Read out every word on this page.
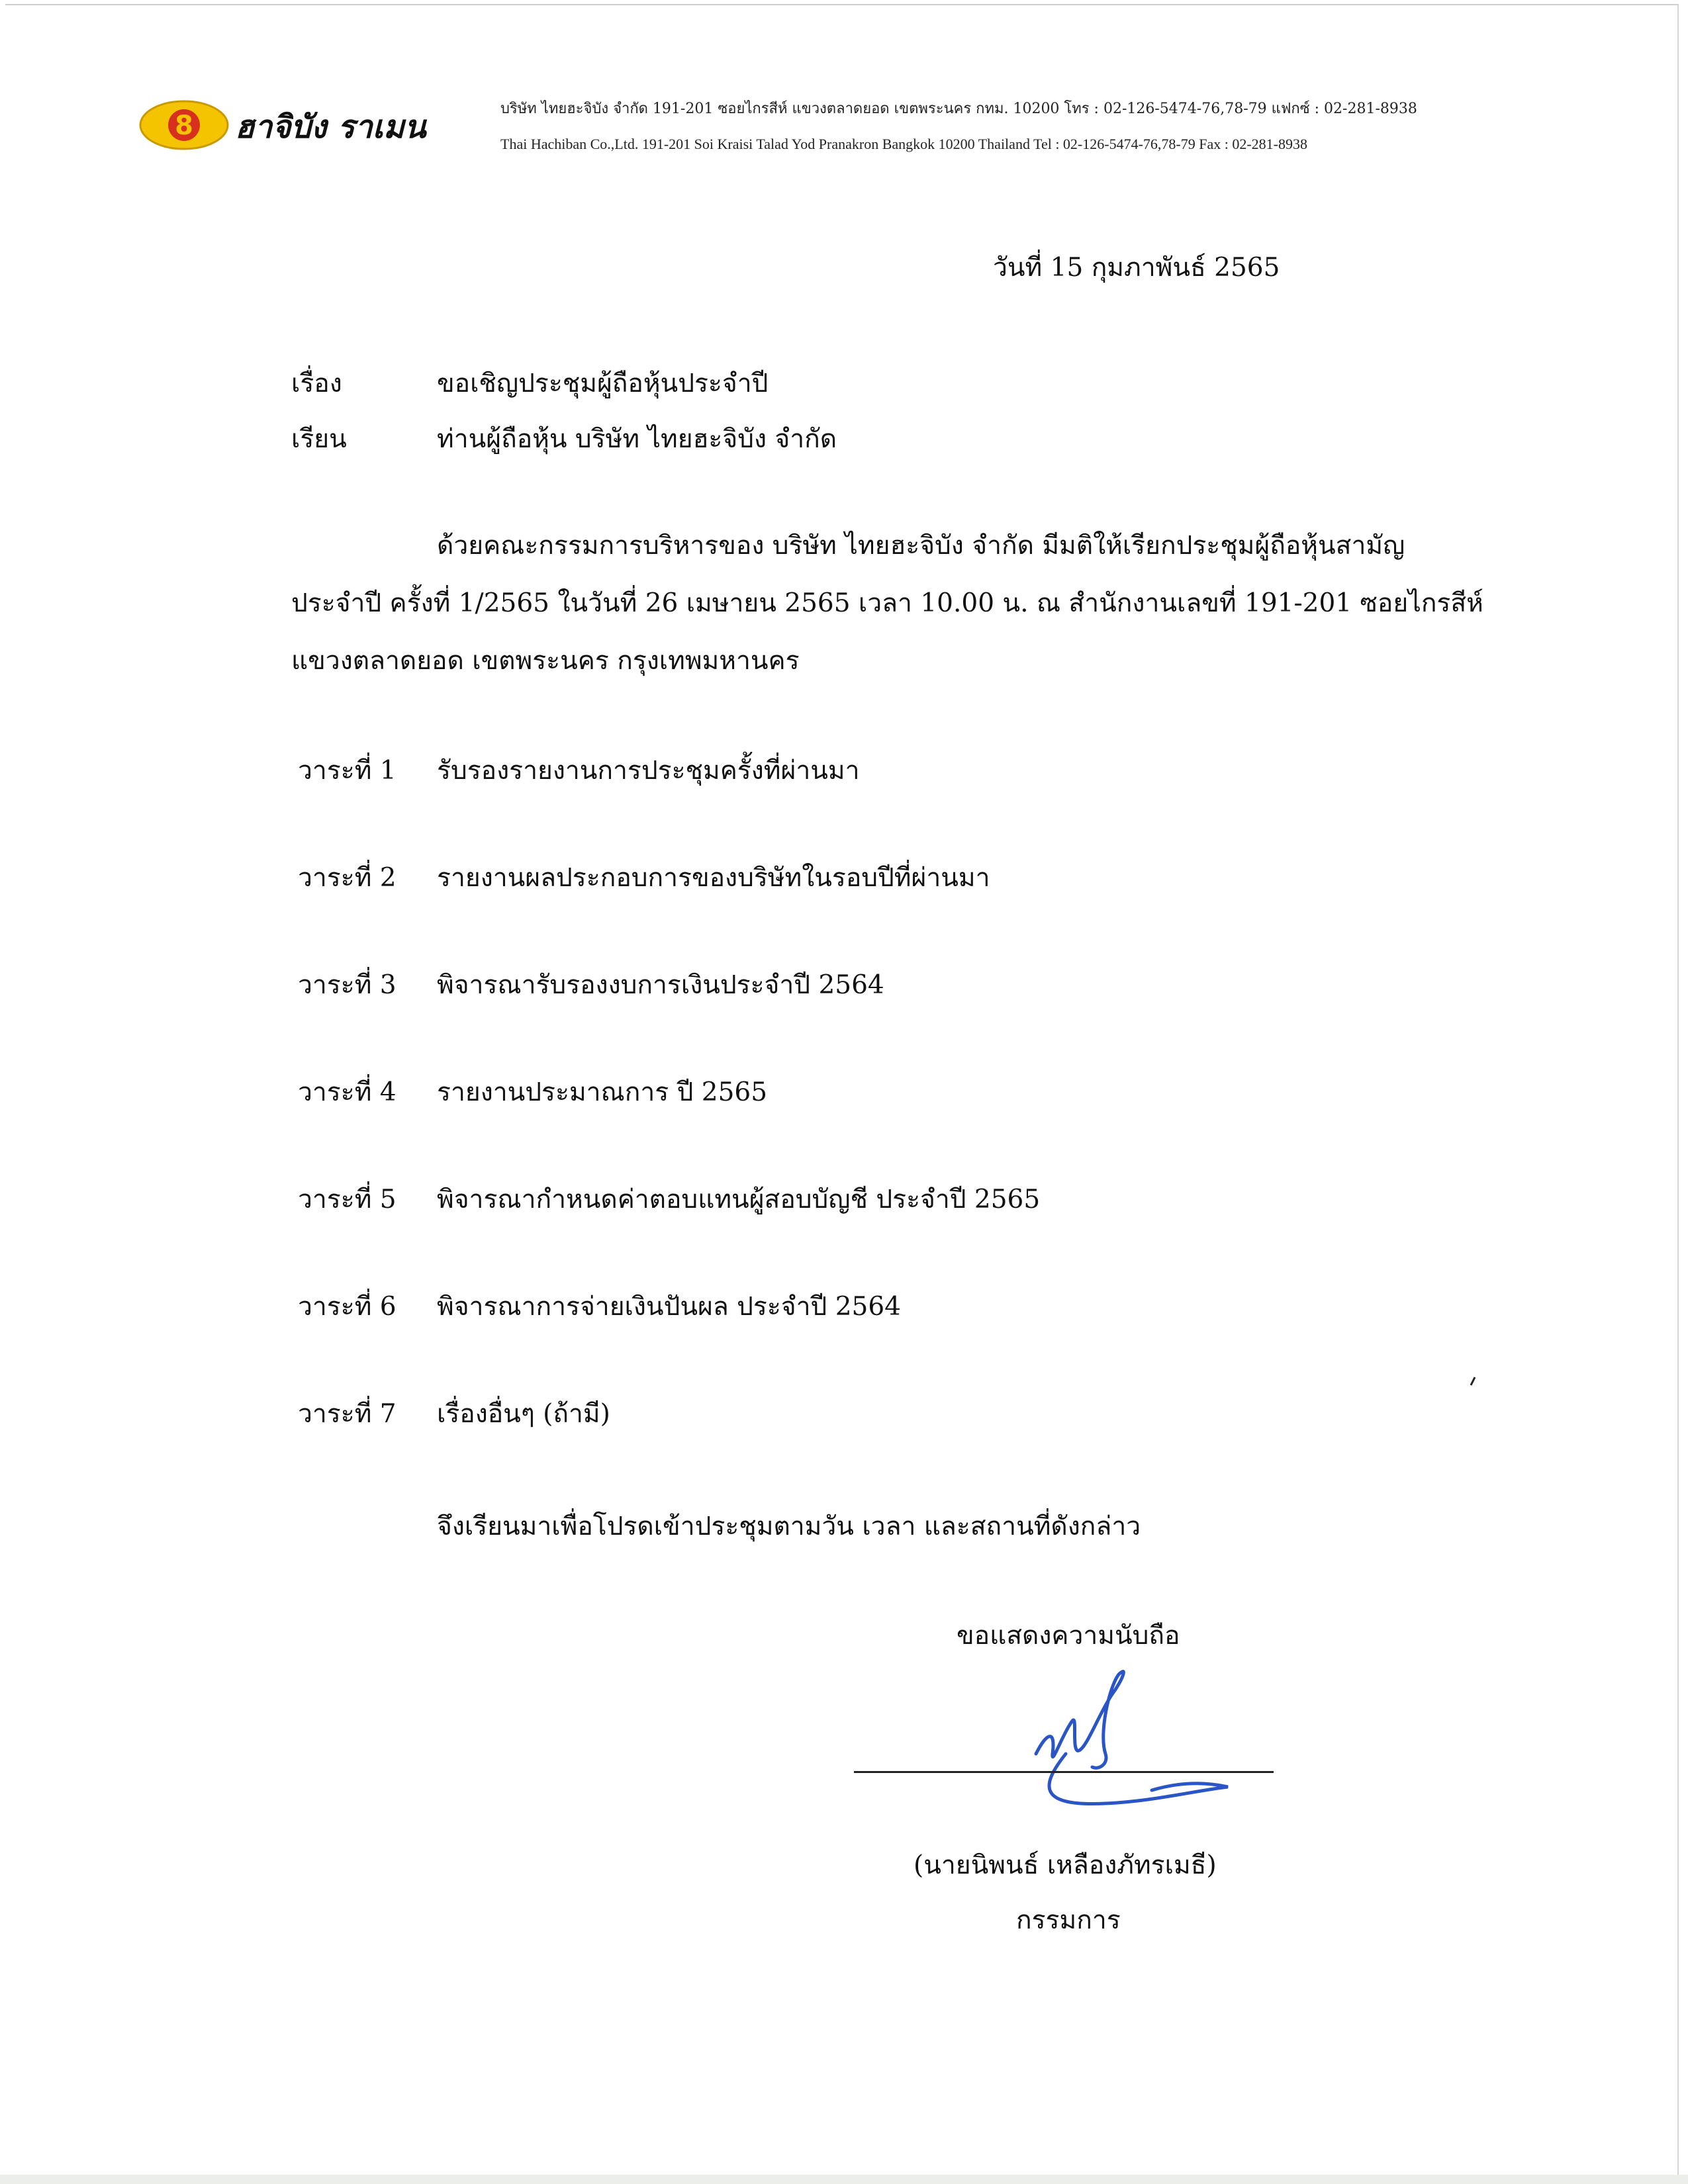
8 ฮาจิบัง ราเมน	บริษัท ไทยฮะจิบัง จำกัด 191-201 ซอยไกรสีห์ แขวงตลาดยอด เขตพระนคร กทม. 10200 โทร : 02-126-5474-76,78-79 แฟกซ์ : 02-281-8938
Thai Hachiban Co.,Ltd. 191-201 Soi Kraisi Talad Yod Pranakron Bangkok 10200 Thailand Tel : 02-126-5474-76,78-79 Fax : 02-281-8938
วันที่ 15 กุมภาพันธ์ 2565
เรื่อง	ขอเชิญประชุมผู้ถือหุ้นประจำปี
เรียน	ท่านผู้ถือหุ้น บริษัท ไทยฮะจิบัง จำกัด
ด้วยคณะกรรมการบริหารของ บริษัท ไทยฮะจิบัง จำกัด มีมติให้เรียกประชุมผู้ถือหุ้นสามัญ
ประจำปี ครั้งที่ 1/2565 ในวันที่ 26 เมษายน 2565 เวลา 10.00 น. ณ สำนักงานเลขที่ 191-201 ซอยไกรสีห์
แขวงตลาดยอด เขตพระนคร กรุงเทพมหานคร
วาระที่ 1 รับรองรายงานการประชุมครั้งที่ผ่านมา
วาระที่ 2 รายงานผลประกอบการของบริษัทในรอบปีที่ผ่านมา
วาระที่ 3 พิจารณารับรองงบการเงินประจำปี 2564
วาระที่ 4 รายงานประมาณการ ปี 2565
วาระที่ 5 พิจารณากำหนดค่าตอบแทนผู้สอบบัญชี ประจำปี 2565
วาระที่ 6 พิจารณาการจ่ายเงินปันผล ประจำปี 2564
วาระที่ 7 เรื่องอื่นๆ (ถ้ามี)
จึงเรียนมาเพื่อโปรดเข้าประชุมตามวัน เวลา และสถานที่ดังกล่าว
ขอแสดงความนับถือ
(นายนิพนธ์ เหลืองภัทรเมธี)
กรรมการ
